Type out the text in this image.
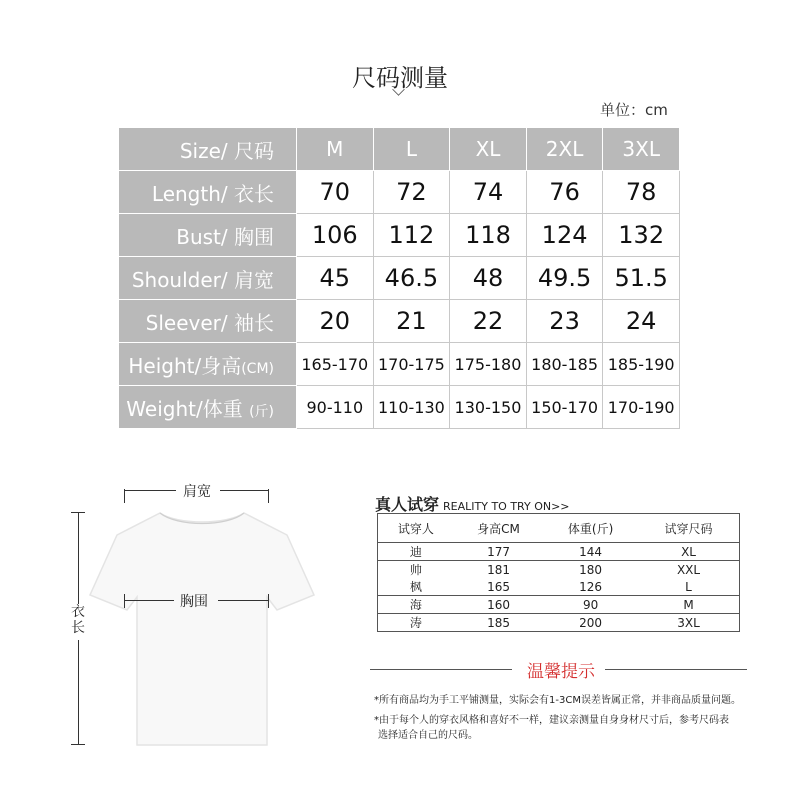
尺码测量
单位：cm
Size/ 尺码	M	L	XL	2XL	3XL
Length/ 衣长	70	72	74	76	78
Bust/ 胸围	106	112	118	124	132
Shoulder/ 肩宽	45	46.5	48	49.5	51.5
Sleever/ 袖长	20	21	22	23	24
Height/身高(CM)	165-170	170-175	175-180	180-185	185-190
Weight/体重 (斤)	90-110	110-130	130-150	150-170	170-190
肩宽
胸围
衣长
真人试穿 REALITY TO TRY ON>>
试穿人	身高CM	体重(斤)	试穿尺码
迪	177	144	XL
帅	181	180	XXL
枫	165	126	L
海	160	90	M
涛	185	200	3XL
温馨提示
*所有商品均为手工平铺测量，实际会有1-3CM误差皆属正常，并非商品质量问题。
*由于每个人的穿衣风格和喜好不一样，建议亲测量自身身材尺寸后，参考尺码表
选择适合自己的尺码。
